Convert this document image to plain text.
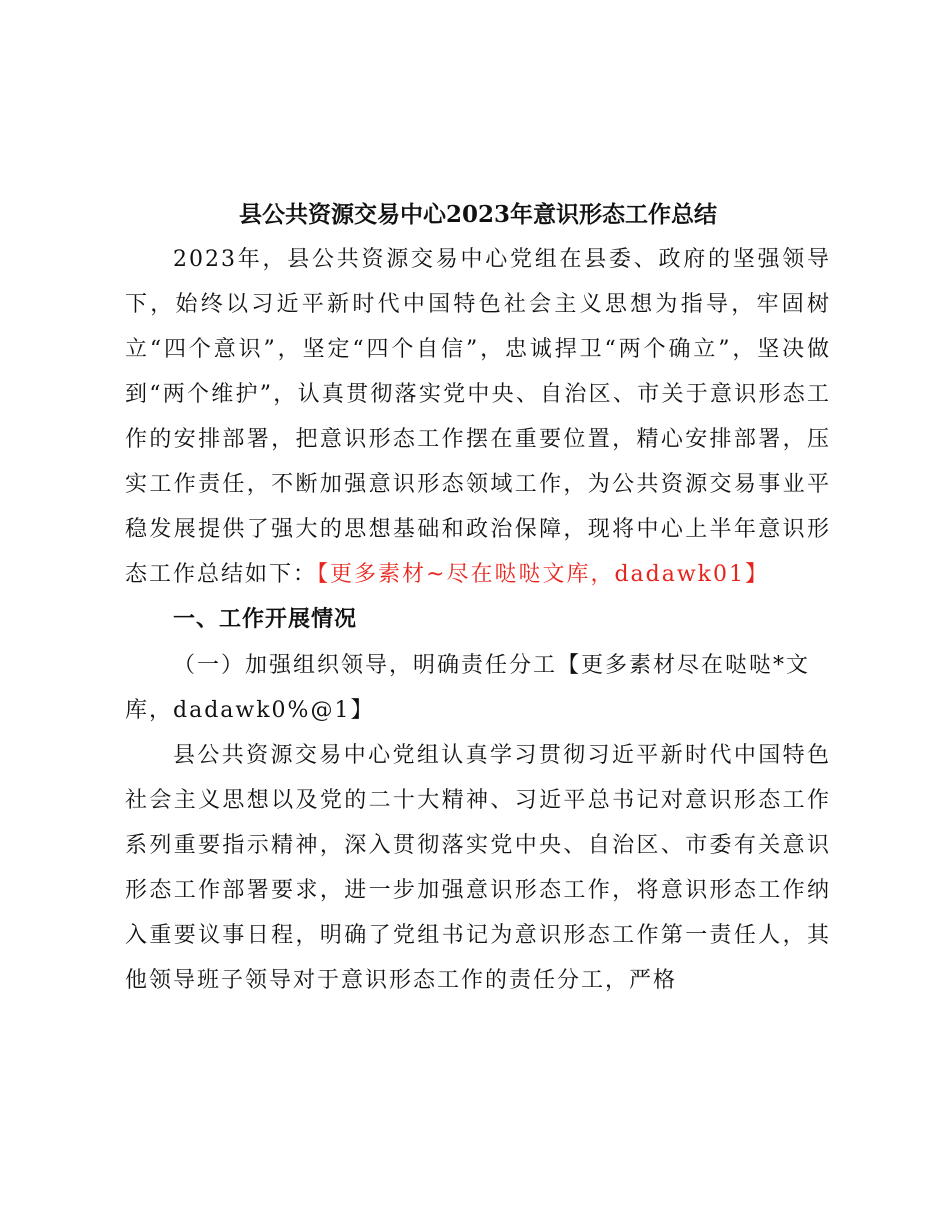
县公共资源交易中心2023年意识形态工作总结

2023年，县公共资源交易中心党组在县委、政府的坚强领导下，始终以习近平新时代中国特色社会主义思想为指导，牢固树立“四个意识”，坚定“四个自信”，忠诚捍卫“两个确立”，坚决做到“两个维护”，认真贯彻落实党中央、自治区、市关于意识形态工作的安排部署，把意识形态工作摆在重要位置，精心安排部署，压实工作责任，不断加强意识形态领域工作，为公共资源交易事业平稳发展提供了强大的思想基础和政治保障，现将中心上半年意识形态工作总结如下：【更多素材~尽在哒哒文库，dadawk01】

一、工作开展情况

（一）加强组织领导，明确责任分工【更多素材尽在哒哒*文库，dadawk0%@1】

县公共资源交易中心党组认真学习贯彻习近平新时代中国特色社会主义思想以及党的二十大精神、习近平总书记对意识形态工作系列重要指示精神，深入贯彻落实党中央、自治区、市委有关意识形态工作部署要求，进一步加强意识形态工作，将意识形态工作纳入重要议事日程，明确了党组书记为意识形态工作第一责任人，其他领导班子领导对于意识形态工作的责任分工，严格
